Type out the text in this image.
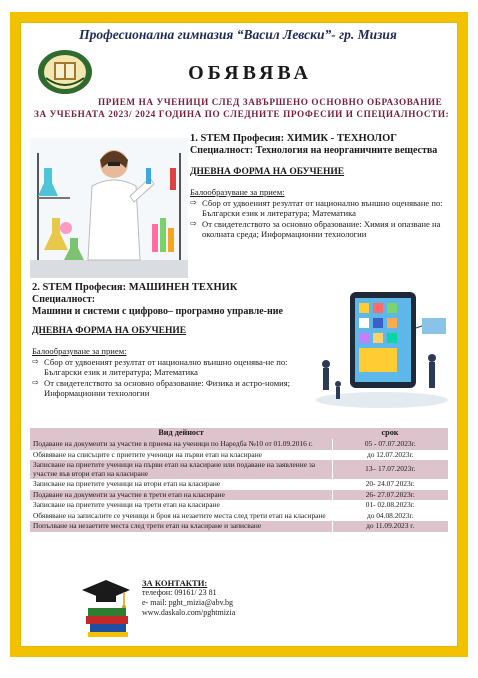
Професионална гимназия “Васил Левски”- гр. Мизия
ОБЯВЯВА
ПРИЕМ НА УЧЕНИЦИ СЛЕД ЗАВЪРШЕНО ОСНОВНО ОБРАЗОВАНИЕ ЗА УЧЕБНАТА 2023/ 2024 ГОДИНА ПО СЛЕДНИТЕ ПРОФЕСИИ И СПЕЦИАЛНОСТИ:
1. STEM Професия: ХИМИК - ТЕХНОЛОГ
Специалност: Технология на неорганичните вещества
ДНЕВНА ФОРМА НА ОБУЧЕНИЕ
Балообразуване за прием:
⇨ Сбор от удвоеният резултат от национално външно оценяване по: Български език и литература; Математика
⇨ От свидетелството за основно образование: Химия и опазване на околната среда; Информационни технологии
2. STEM Професия: МАШИНЕН ТЕХНИК
Специалност:
Машини и системи с цифрово– програмно управле-ние
ДНЕВНА ФОРМА НА ОБУЧЕНИЕ
Балообразуване за прием:
⇨ Сбор от удвоеният резултат от национално външно оценява-не по: Български език и литература; Математика
⇨ От свидетелството за основно образование: Физика и астро-номия; Информационни технологии
Вид дейност	срок
Подаване на документи за участие в приема на ученици по Наредба №10 от 01.09.2016 г.	05 - 07.07.2023г.
Обявяване на списъците с приетите ученици на първи етап на класиране	до 12.07.2023г.
Записване на приетите ученици на първи етап на класиране или подаване на заявление за участие във втори етап на класиране	13– 17.07.2023г.
Записване на приетите ученици на втори етап на класиране	20- 24.07.2023г.
Подаване на документи за участие в трети етап на класиране	26- 27.07.2023г.
Записване на приетите ученици на трети етап на класиране	01- 02.08.2023г.
Обявяване на записалите се ученици и броя на незаетите места след трети етап на класиране	до 04.08.2023г.
Попълване на незаетите места след трети етап на класиране и записване	до 11.09.2023 г.
ЗА КОНТАКТИ:
телефон: 09161/ 23 81
e- mail: pght_mizia@abv.bg
www.daskalo.com/pghtmizia
